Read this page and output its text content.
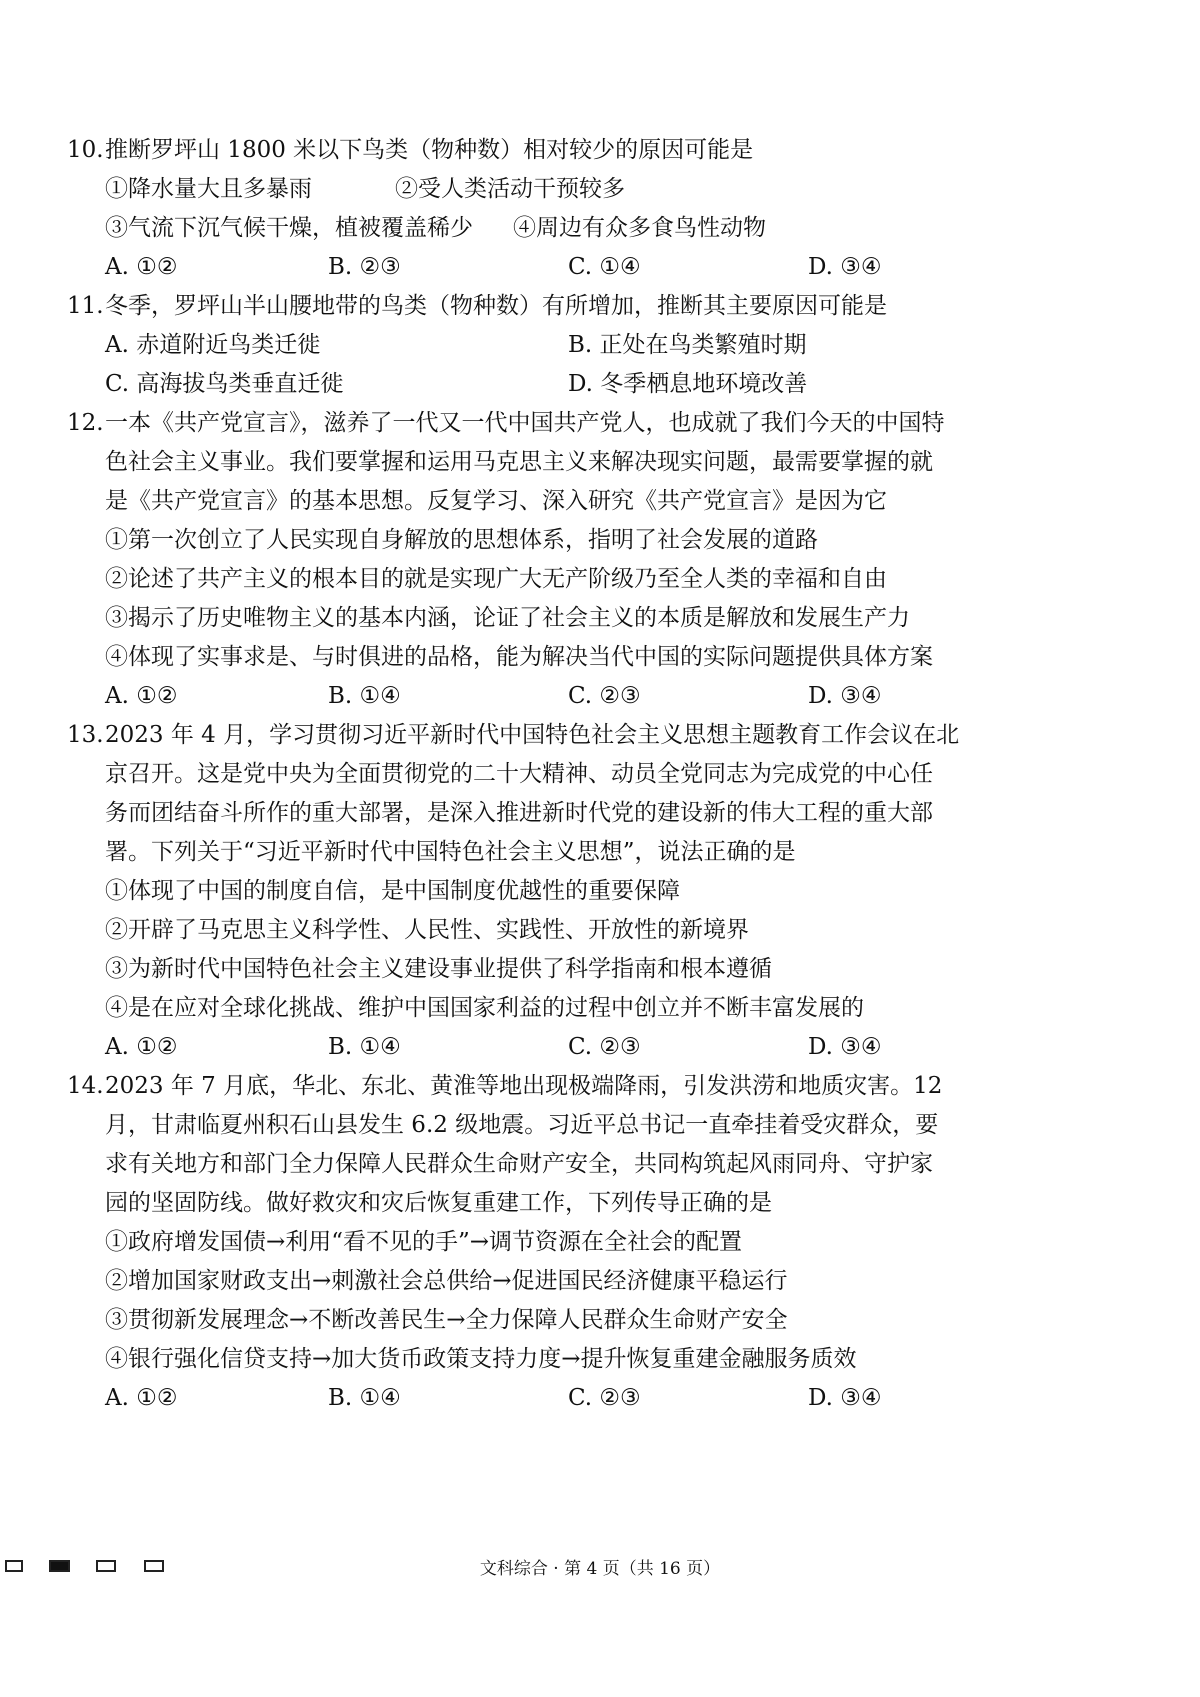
10. 推断罗坪山 1800 米以下鸟类（物种数）相对较少的原因可能是
①降水量大且多暴雨	②受人类活动干预较多
③气流下沉气候干燥，植被覆盖稀少 ④周边有众多食鸟性动物
A. ①②	B. ②③	C. ①④	D. ③④
11. 冬季，罗坪山半山腰地带的鸟类（物种数）有所增加，推断其主要原因可能是
A. 赤道附近鸟类迁徙	B. 正处在鸟类繁殖时期
C. 高海拔鸟类垂直迁徙	D. 冬季栖息地环境改善
12. 一本《共产党宣言》，滋养了一代又一代中国共产党人，也成就了我们今天的中国特
色社会主义事业。我们要掌握和运用马克思主义来解决现实问题，最需要掌握的就
是《共产党宣言》的基本思想。反复学习、深入研究《共产党宣言》是因为它
①第一次创立了人民实现自身解放的思想体系，指明了社会发展的道路
②论述了共产主义的根本目的就是实现广大无产阶级乃至全人类的幸福和自由
③揭示了历史唯物主义的基本内涵，论证了社会主义的本质是解放和发展生产力
④体现了实事求是、与时俱进的品格，能为解决当代中国的实际问题提供具体方案
A. ①②	B. ①④	C. ②③	D. ③④
13. 2023 年 4 月，学习贯彻习近平新时代中国特色社会主义思想主题教育工作会议在北
京召开。这是党中央为全面贯彻党的二十大精神、动员全党同志为完成党的中心任
务而团结奋斗所作的重大部署，是深入推进新时代党的建设新的伟大工程的重大部
署。下列关于“习近平新时代中国特色社会主义思想”，说法正确的是
①体现了中国的制度自信，是中国制度优越性的重要保障
②开辟了马克思主义科学性、人民性、实践性、开放性的新境界
③为新时代中国特色社会主义建设事业提供了科学指南和根本遵循
④是在应对全球化挑战、维护中国国家利益的过程中创立并不断丰富发展的
A. ①②	B. ①④	C. ②③	D. ③④
14. 2023 年 7 月底，华北、东北、黄淮等地出现极端降雨，引发洪涝和地质灾害。12
月，甘肃临夏州积石山县发生 6.2 级地震。习近平总书记一直牵挂着受灾群众，要
求有关地方和部门全力保障人民群众生命财产安全，共同构筑起风雨同舟、守护家
园的坚固防线。做好救灾和灾后恢复重建工作，下列传导正确的是
①政府增发国债→利用“看不见的手”→调节资源在全社会的配置
②增加国家财政支出→刺激社会总供给→促进国民经济健康平稳运行
③贯彻新发展理念→不断改善民生→全力保障人民群众生命财产安全
④银行强化信贷支持→加大货币政策支持力度→提升恢复重建金融服务质效
A. ①②	B. ①④	C. ②③	D. ③④
文科综合 · 第 4 页（共 16 页）
